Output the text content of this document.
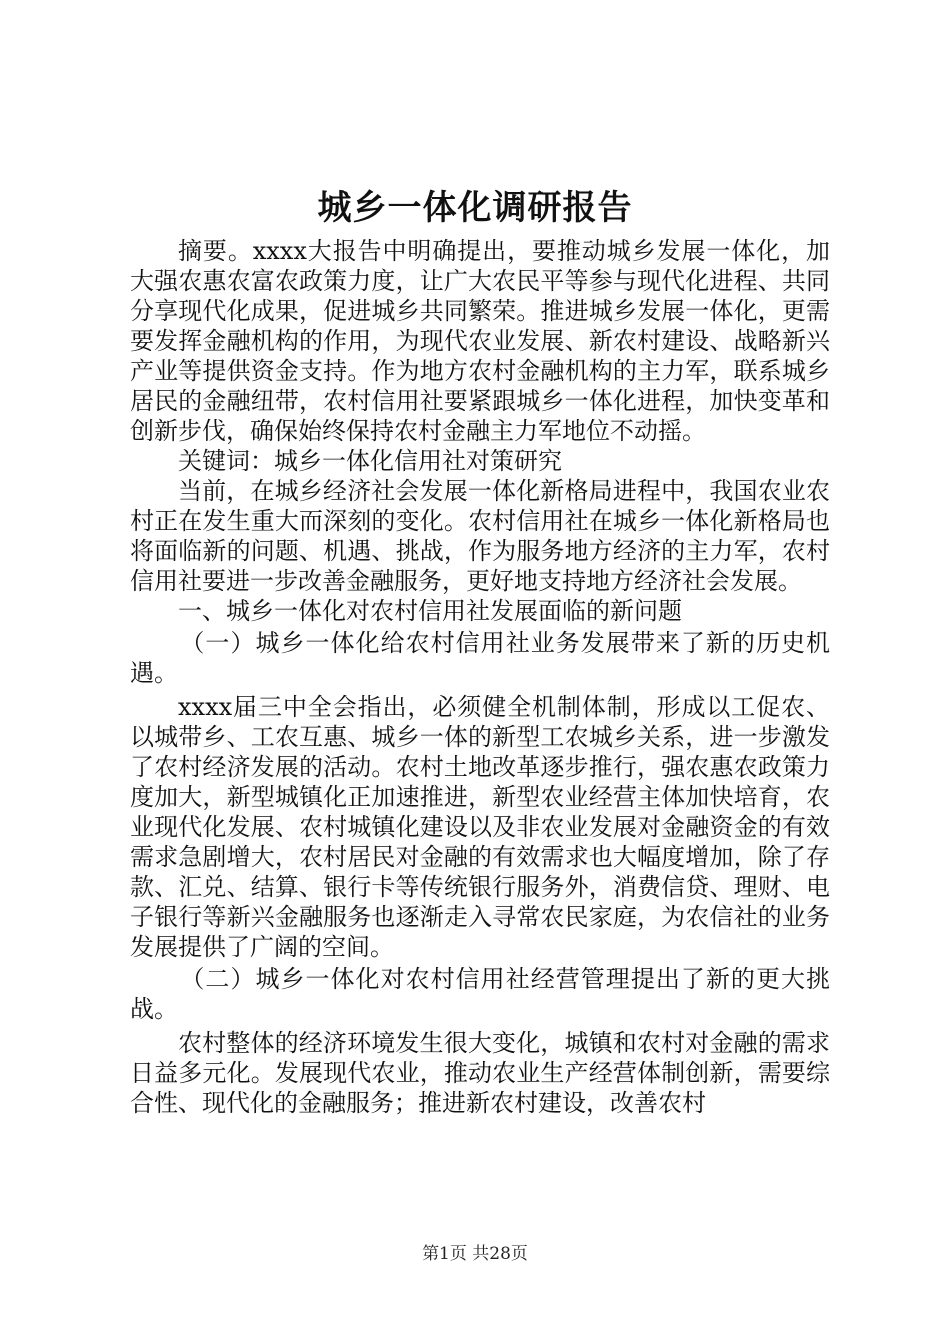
城乡一体化调研报告

摘要。xxxx大报告中明确提出，要推动城乡发展一体化，加大强农惠农富农政策力度，让广大农民平等参与现代化进程、共同分享现代化成果，促进城乡共同繁荣。推进城乡发展一体化，更需要发挥金融机构的作用，为现代农业发展、新农村建设、战略新兴产业等提供资金支持。作为地方农村金融机构的主力军，联系城乡居民的金融纽带，农村信用社要紧跟城乡一体化进程，加快变革和创新步伐，确保始终保持农村金融主力军地位不动摇。

关键词：城乡一体化信用社对策研究

当前，在城乡经济社会发展一体化新格局进程中，我国农业农村正在发生重大而深刻的变化。农村信用社在城乡一体化新格局也将面临新的问题、机遇、挑战，作为服务地方经济的主力军，农村信用社要进一步改善金融服务，更好地支持地方经济社会发展。

一、城乡一体化对农村信用社发展面临的新问题

（一）城乡一体化给农村信用社业务发展带来了新的历史机遇。

xxxx届三中全会指出，必须健全机制体制，形成以工促农、以城带乡、工农互惠、城乡一体的新型工农城乡关系，进一步激发了农村经济发展的活动。农村土地改革逐步推行，强农惠农政策力度加大，新型城镇化正加速推进，新型农业经营主体加快培育，农业现代化发展、农村城镇化建设以及非农业发展对金融资金的有效需求急剧增大，农村居民对金融的有效需求也大幅度增加，除了存款、汇兑、结算、银行卡等传统银行服务外，消费信贷、理财、电子银行等新兴金融服务也逐渐走入寻常农民家庭，为农信社的业务发展提供了广阔的空间。

（二）城乡一体化对农村信用社经营管理提出了新的更大挑战。

农村整体的经济环境发生很大变化，城镇和农村对金融的需求日益多元化。发展现代农业，推动农业生产经营体制创新，需要综合性、现代化的金融服务；推进新农村建设，改善农村

第1页 共28页
